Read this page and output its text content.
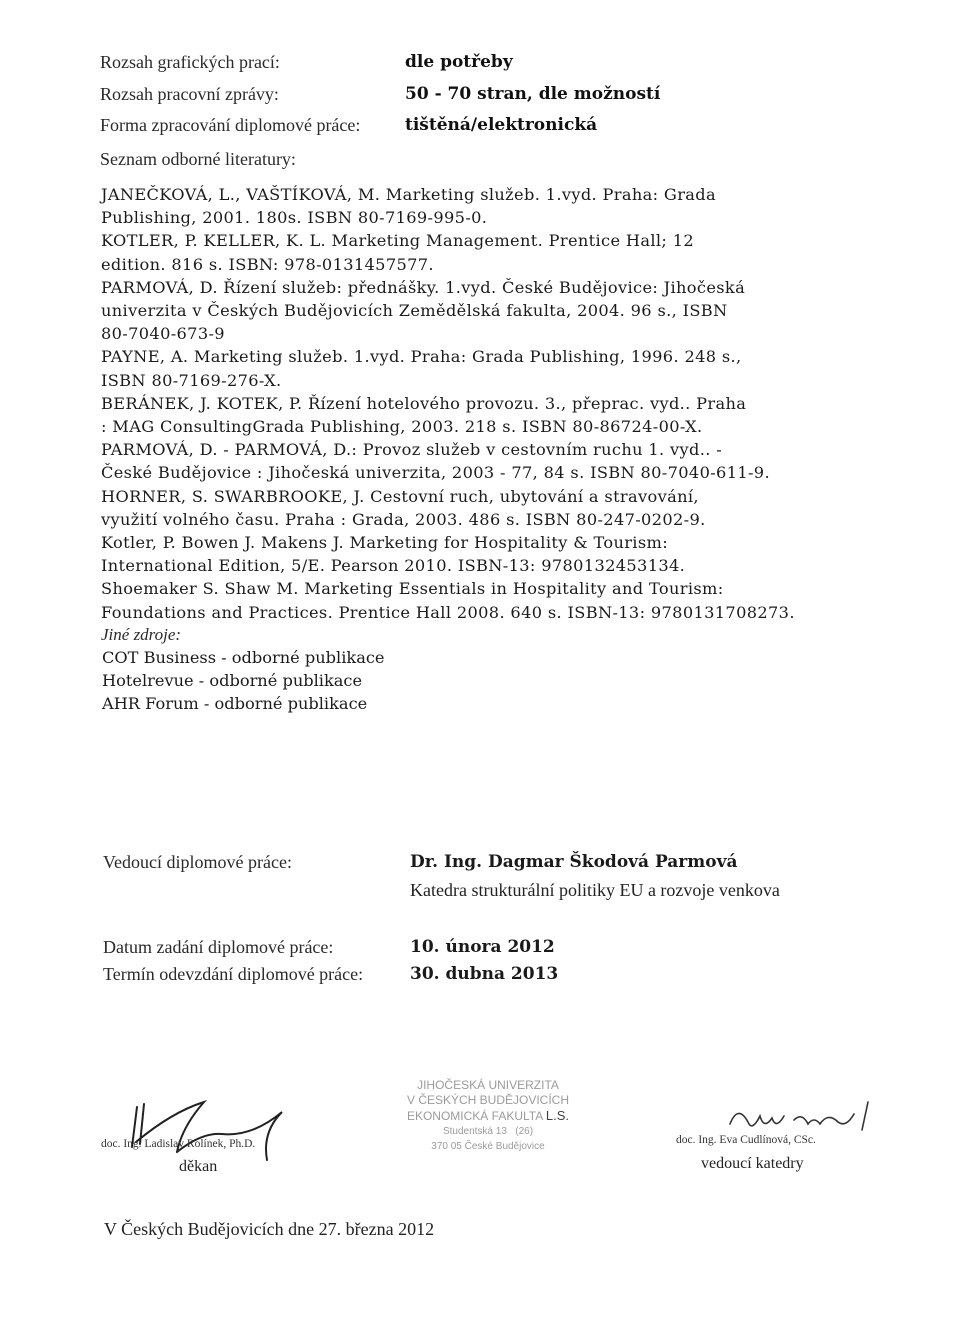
Rozsah grafických prací:	dle potřeby
Rozsah pracovní zprávy:	50 - 70 stran, dle možností
Forma zpracování diplomové práce:	tištěná/elektronická
Seznam odborné literatury:
JANEČKOVÁ, L., VAŠTÍKOVÁ, M. Marketing služeb. 1.vyd. Praha: Grada
Publishing, 2001. 180s. ISBN 80-7169-995-0.
KOTLER, P. KELLER, K. L. Marketing Management. Prentice Hall; 12
edition. 816 s. ISBN: 978-0131457577.
PARMOVÁ, D. Řízení služeb: přednášky. 1.vyd. České Budějovice: Jihočeská
univerzita v Českých Budějovicích Zemědělská fakulta, 2004. 96 s., ISBN
80-7040-673-9
PAYNE, A. Marketing služeb. 1.vyd. Praha: Grada Publishing, 1996. 248 s.,
ISBN 80-7169-276-X.
BERÁNEK, J. KOTEK, P. Řízení hotelového provozu. 3., přeprac. vyd.. Praha
: MAG ConsultingGrada Publishing, 2003. 218 s. ISBN 80-86724-00-X.
PARMOVÁ, D. - PARMOVÁ, D.: Provoz služeb v cestovním ruchu 1. vyd.. -
České Budějovice : Jihočeská univerzita, 2003 - 77, 84 s. ISBN 80-7040-611-9.
HORNER, S. SWARBROOKE, J. Cestovní ruch, ubytování a stravování,
využití volného času. Praha : Grada, 2003. 486 s. ISBN 80-247-0202-9.
Kotler, P. Bowen J. Makens J. Marketing for Hospitality & Tourism:
International Edition, 5/E. Pearson 2010. ISBN-13: 9780132453134.
Shoemaker S. Shaw M. Marketing Essentials in Hospitality and Tourism:
Foundations and Practices. Prentice Hall 2008. 640 s. ISBN-13: 9780131708273.
Jiné zdroje:
COT Business - odborné publikace
Hotelrevue - odborné publikace
AHR Forum - odborné publikace
Vedoucí diplomové práce:	Dr. Ing. Dagmar Škodová Parmová
Katedra strukturální politiky EU a rozvoje venkova
Datum zadání diplomové práce:	10. února 2012
Termín odevzdání diplomové práce:	30. dubna 2013
doc. Ing. Ladislav Rolínek, Ph.D.
děkan
JIHOČESKÁ UNIVERZITA
V ČESKÝCH BUDĚJOVICÍCH
EKONOMICKÁ FAKULTA L.S.
Studentská 13 (26)
370 05 České Budějovice
doc. Ing. Eva Cudlínová, CSc.
vedoucí katedry
V Českých Budějovicích dne 27. března 2012
